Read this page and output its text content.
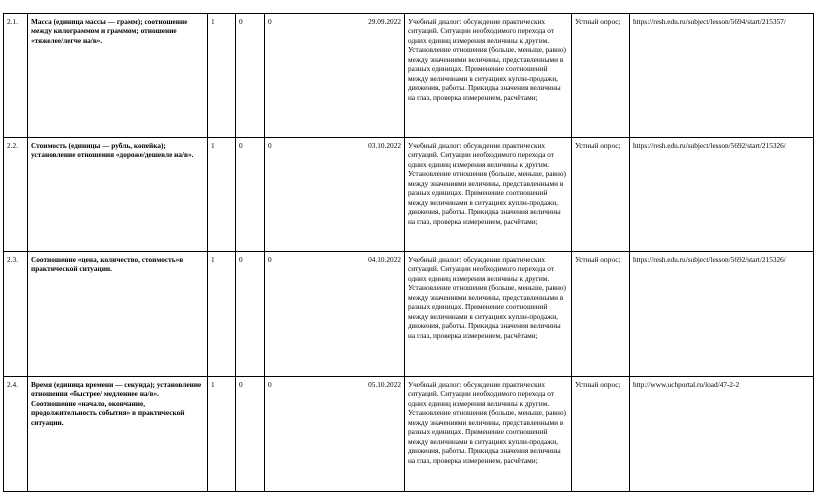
2.1.	Масса (единица массы — грамм); соотношение между килограммом и граммом; отношение «тяжелее/легче на/в».	1	0	0 29.09.2022	Учебный диалог: обсуждение практических ситуаций. Ситуации необходимого перехода от одних единиц измерения величины к другим. Установление отношения (больше, меньше, равно) между значениями величины, представленными в разных единицах. Применение соотношений между величинами в ситуациях купли-продажи, движения, работы. Прикидка значения величины на глаз, проверка измерением, расчётами;	Устный опрос;	https://resh.edu.ru/subject/lesson/5694/start/215357/
2.2.	Стоимость (единицы — рубль, копейка); установление отношения «дороже/дешевле на/в».	1	0	0 03.10.2022	Учебный диалог: обсуждение практических ситуаций. Ситуации необходимого перехода от одних единиц измерения величины к другим. Установление отношения (больше, меньше, равно) между значениями величины, представленными в разных единицах. Применение соотношений между величинами в ситуациях купли-продажи, движения, работы. Прикидка значения величины на глаз, проверка измерением, расчётами;	Устный опрос;	https://resh.edu.ru/subject/lesson/5692/start/215326/
2.3.	Соотношение «цена, количество, стоимость»в практической ситуации.	1	0	0 04.10.2022	Учебный диалог: обсуждение практических ситуаций. Ситуации необходимого перехода от одних единиц измерения величины к другим. Установление отношения (больше, меньше, равно) между значениями величины, представленными в разных единицах. Применение соотношений между величинами в ситуациях купли-продажи, движения, работы. Прикидка значения величины на глаз, проверка измерением, расчётами;	Устный опрос;	https://resh.edu.ru/subject/lesson/5692/start/215326/
2.4.	Время (единица времени — секунда); установление отношения «быстрее/ медленнее на/в». Соотношение «начало, окончание, продолжительность события» в практической ситуации.	1	0	0 05.10.2022	Учебный диалог: обсуждение практических ситуаций. Ситуации необходимого перехода от одних единиц измерения величины к другим. Установление отношения (больше, меньше, равно) между значениями величины, представленными в разных единицах. Применение соотношений между величинами в ситуациях купли-продажи, движения, работы. Прикидка значения величины на глаз, проверка измерением, расчётами;	Устный опрос;	http://www.uchportal.ru/load/47-2-2
